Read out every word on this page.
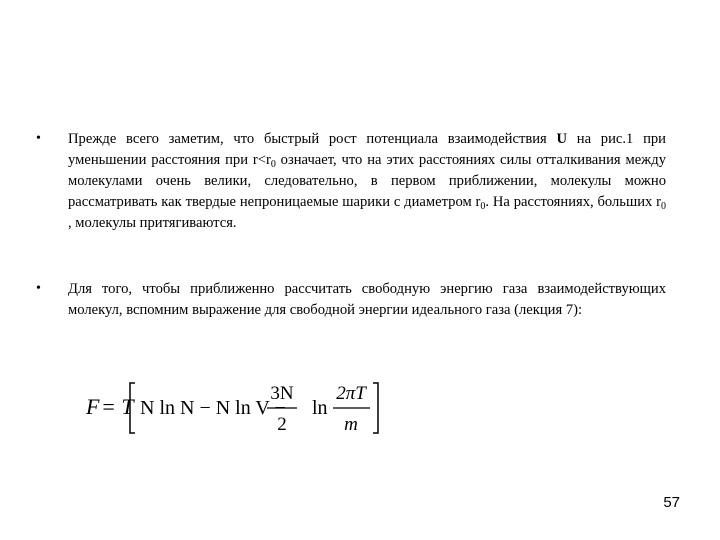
• Прежде всего заметим, что быстрый рост потенциала взаимодействия U на рис.1 при уменьшении расстояния при $r<r_0$ означает, что на этих расстояниях силы отталкивания между молекулами очень велики, следовательно, в первом приближении, молекулы можно рассматривать как твердые непроницаемые шарики с диаметром $r_0$. На расстояниях, больших $r_0$ , молекулы притягиваются.
• Для того, чтобы приближенно рассчитать свободную энергию газа взаимодействующих молекул, вспомним выражение для свободной энергии идеального газа (лекция 7):
F = T N ln N − N ln V −
3N
2
ln
2πT
m
57
